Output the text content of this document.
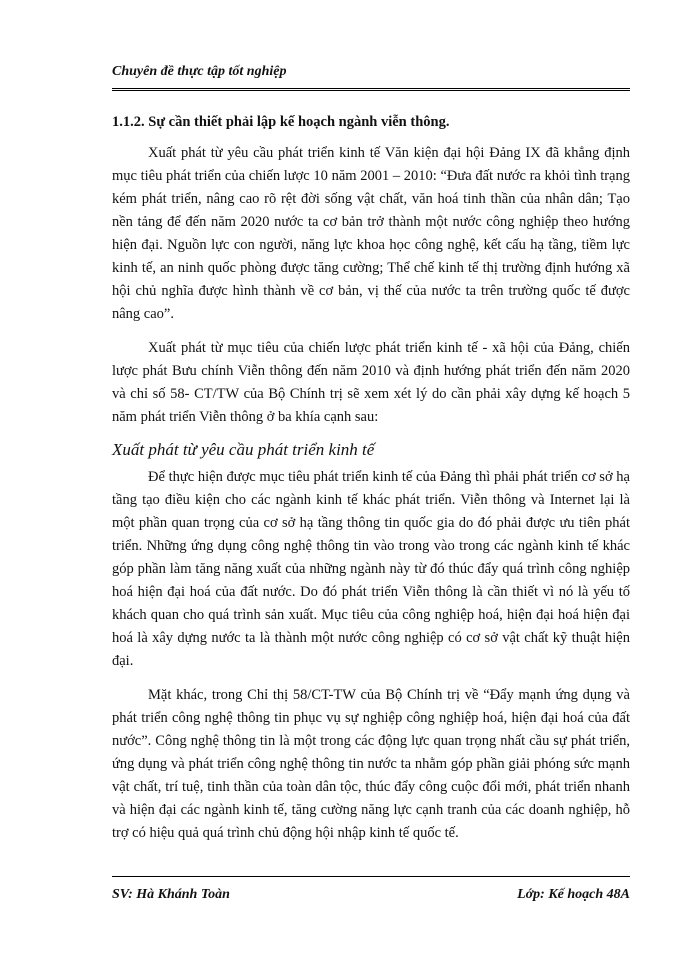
Chuyên đề thực tập tốt nghiệp
1.1.2. Sự cần thiết phải lập kế hoạch ngành viễn thông.

Xuất phát từ yêu cầu phát triển kinh tế Văn kiện đại hội Đảng IX đã khẳng định mục tiêu phát triển của chiến lược 10 năm 2001 – 2010: “Đưa đất nước ra khỏi tình trạng kém phát triển, nâng cao rõ rệt đời sống vật chất, văn hoá tinh thần của nhân dân; Tạo nền tảng để đến năm 2020 nước ta cơ bản trở thành một nước công nghiệp theo hướng hiện đại. Nguồn lực con người, năng lực khoa học công nghệ, kết cấu hạ tầng, tiềm lực kinh tế, an ninh quốc phòng được tăng cường; Thể chế kinh tế thị trường định hướng xã hội chủ nghĩa được hình thành về cơ bản, vị thế của nước ta trên trường quốc tế được nâng cao”.

Xuất phát từ mục tiêu của chiến lược phát triển kinh tế - xã hội của Đảng, chiến lược phát Bưu chính Viễn thông đến năm 2010 và định hướng phát triển đến năm 2020 và chỉ số 58- CT/TW của Bộ Chính trị sẽ xem xét lý do cần phải xây dựng kế hoạch 5 năm phát triển Viễn thông ở ba khía cạnh sau:

Xuất phát từ yêu cầu phát triển kinh tế

Để thực hiện được mục tiêu phát triển kinh tế của Đảng thì phải phát triển cơ sở hạ tầng tạo điều kiện cho các ngành kinh tế khác phát triển. Viễn thông và Internet lại là một phần quan trọng của cơ sở hạ tầng thông tin quốc gia do đó phải được ưu tiên phát triển. Những ứng dụng công nghệ thông tin vào trong vào trong các ngành kinh tế khác góp phần làm tăng năng xuất của những ngành này từ đó thúc đẩy quá trình công nghiệp hoá hiện đại hoá của đất nước. Do đó phát triển Viễn thông là cần thiết vì nó là yếu tố khách quan cho quá trình sản xuất. Mục tiêu của công nghiệp hoá, hiện đại hoá hiện đại hoá là xây dựng nước ta là thành một nước công nghiệp có cơ sở vật chất kỹ thuật hiện đại.

Mặt khác, trong Chỉ thị 58/CT-TW của Bộ Chính trị về “Đẩy mạnh ứng dụng và phát triển công nghệ thông tin phục vụ sự nghiệp công nghiệp hoá, hiện đại hoá của đất nước”. Công nghệ thông tin là một trong các động lực quan trọng nhất cầu sự phát triển, ứng dụng và phát triển công nghệ thông tin nước ta nhằm góp phần giải phóng sức mạnh vật chất, trí tuệ, tinh thần của toàn dân tộc, thúc đẩy công cuộc đổi mới, phát triển nhanh và hiện đại các ngành kinh tế, tăng cường năng lực cạnh tranh của các doanh nghiệp, hỗ trợ có hiệu quả quá trình chủ động hội nhập kinh tế quốc tế.

SV: Hà Khánh Toàn	Lớp: Kế hoạch 48A
